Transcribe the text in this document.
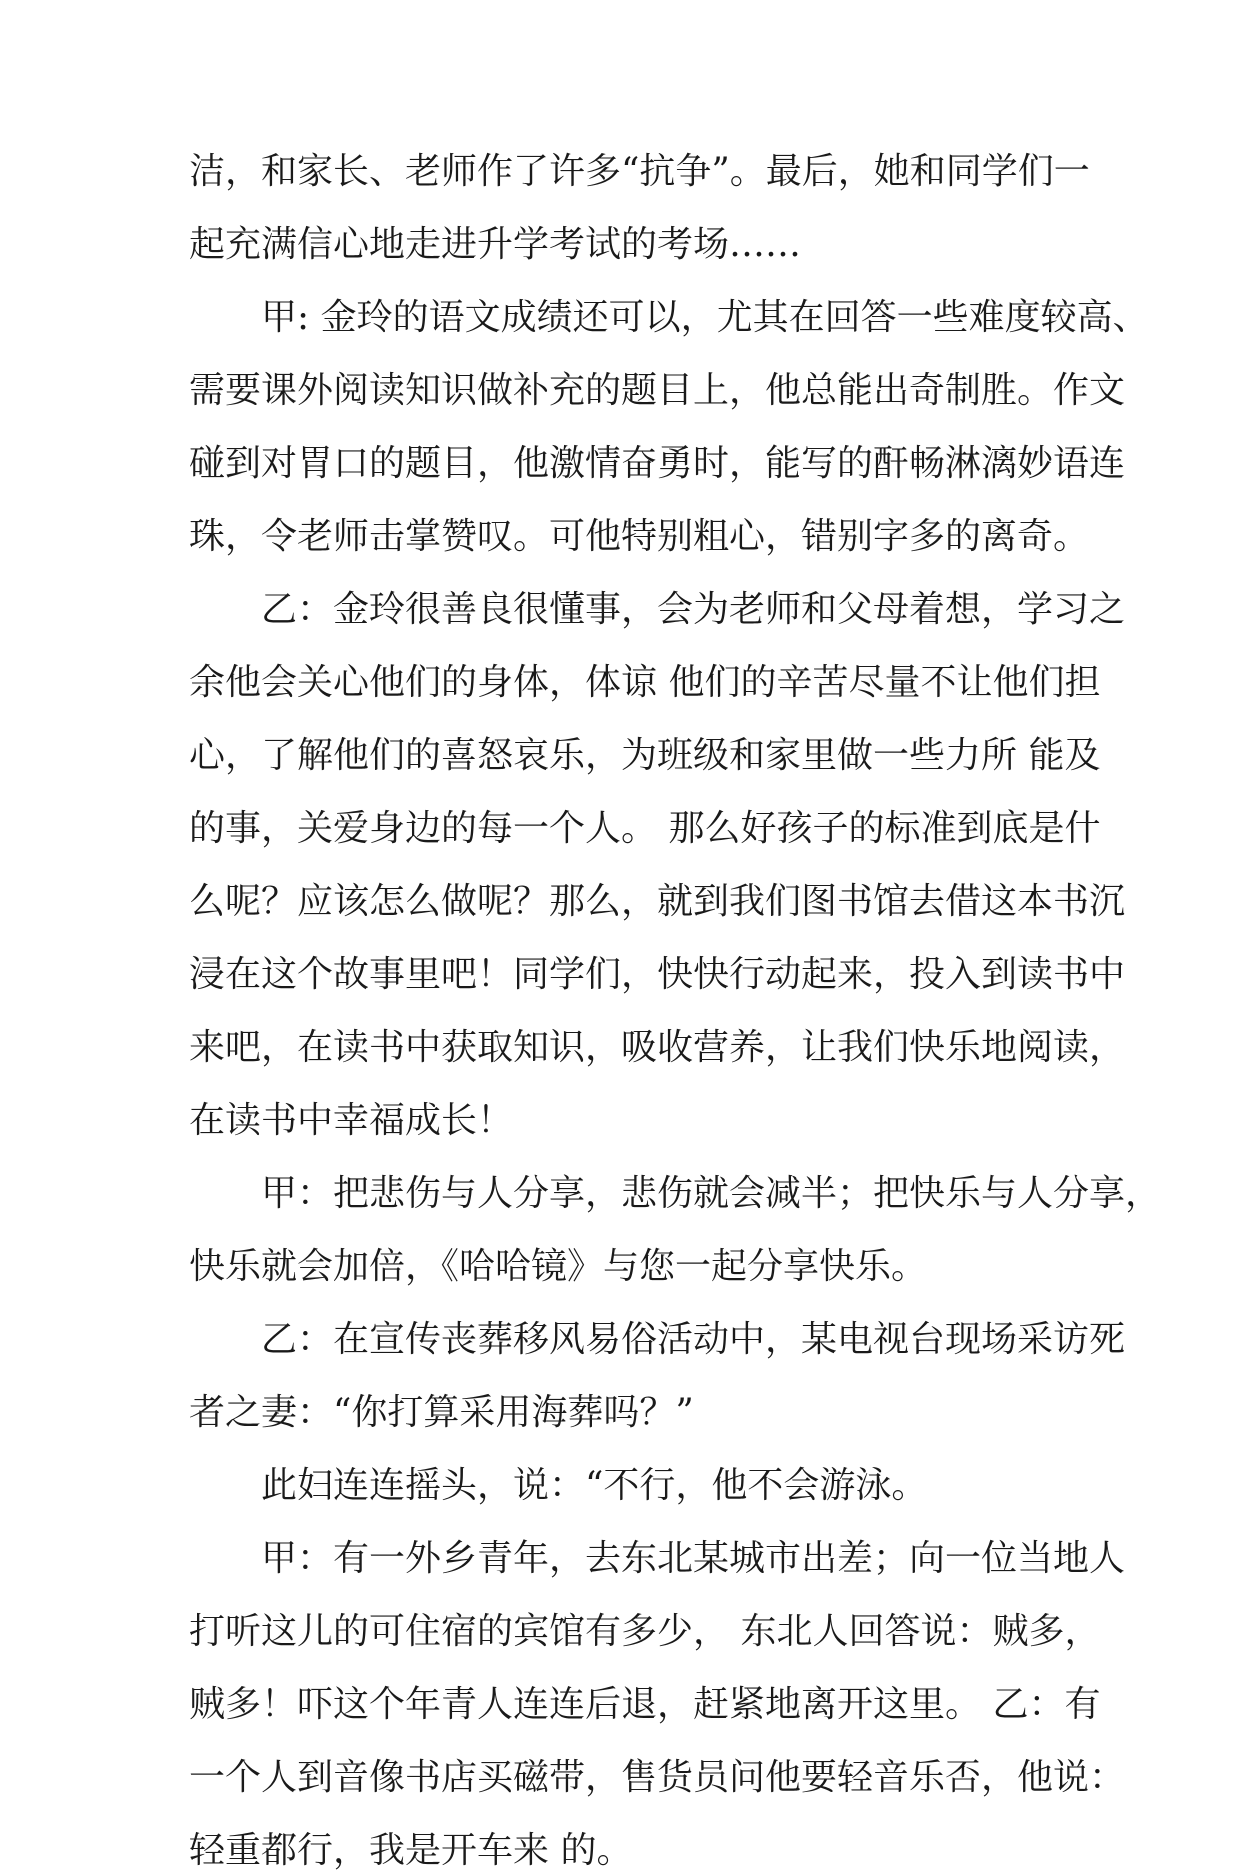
洁，和家长、老师作了许多“抗争”。最后，她和同学们一

起充满信心地走进升学考试的考场……

甲: 金玲的语文成绩还可以，尤其在回答一些难度较高、

需要课外阅读知识做补充的题目上，他总能出奇制胜。作文

碰到对胃口的题目，他激情奋勇时，能写的酐畅淋漓妙语连

珠，令老师击掌赞叹。可他特别粗心，错别字多的离奇。

乙：金玲很善良很懂事，会为老师和父母着想，学习之

余他会关心他们的身体，体谅 他们的辛苦尽量不让他们担

心，了解他们的喜怒哀乐，为班级和家里做一些力所 能及

的事，关爱身边的每一个人。 那么好孩子的标准到底是什

么呢？应该怎么做呢？那么，就到我们图书馆去借这本书沉

浸在这个故事里吧！同学们，快快行动起来，投入到读书中

来吧，在读书中获取知识，吸收营养，让我们快乐地阅读，

在读书中幸福成长！

甲：把悲伤与人分享，悲伤就会减半；把快乐与人分享，

快乐就会加倍，《哈哈镜》与您一起分享快乐。

乙：在宣传丧葬移风易俗活动中，某电视台现场采访死

者之妻：“你打算采用海葬吗？”

此妇连连摇头，说：“不行，他不会游泳。

甲：有一外乡青年，去东北某城市出差；向一位当地人

打听这儿的可住宿的宾馆有多少， 东北人回答说：贼多，

贼多！吓这个年青人连连后退，赶紧地离开这里。 乙：有

一个人到音像书店买磁带，售货员问他要轻音乐否，他说：

轻重都行，我是开车来 的。
